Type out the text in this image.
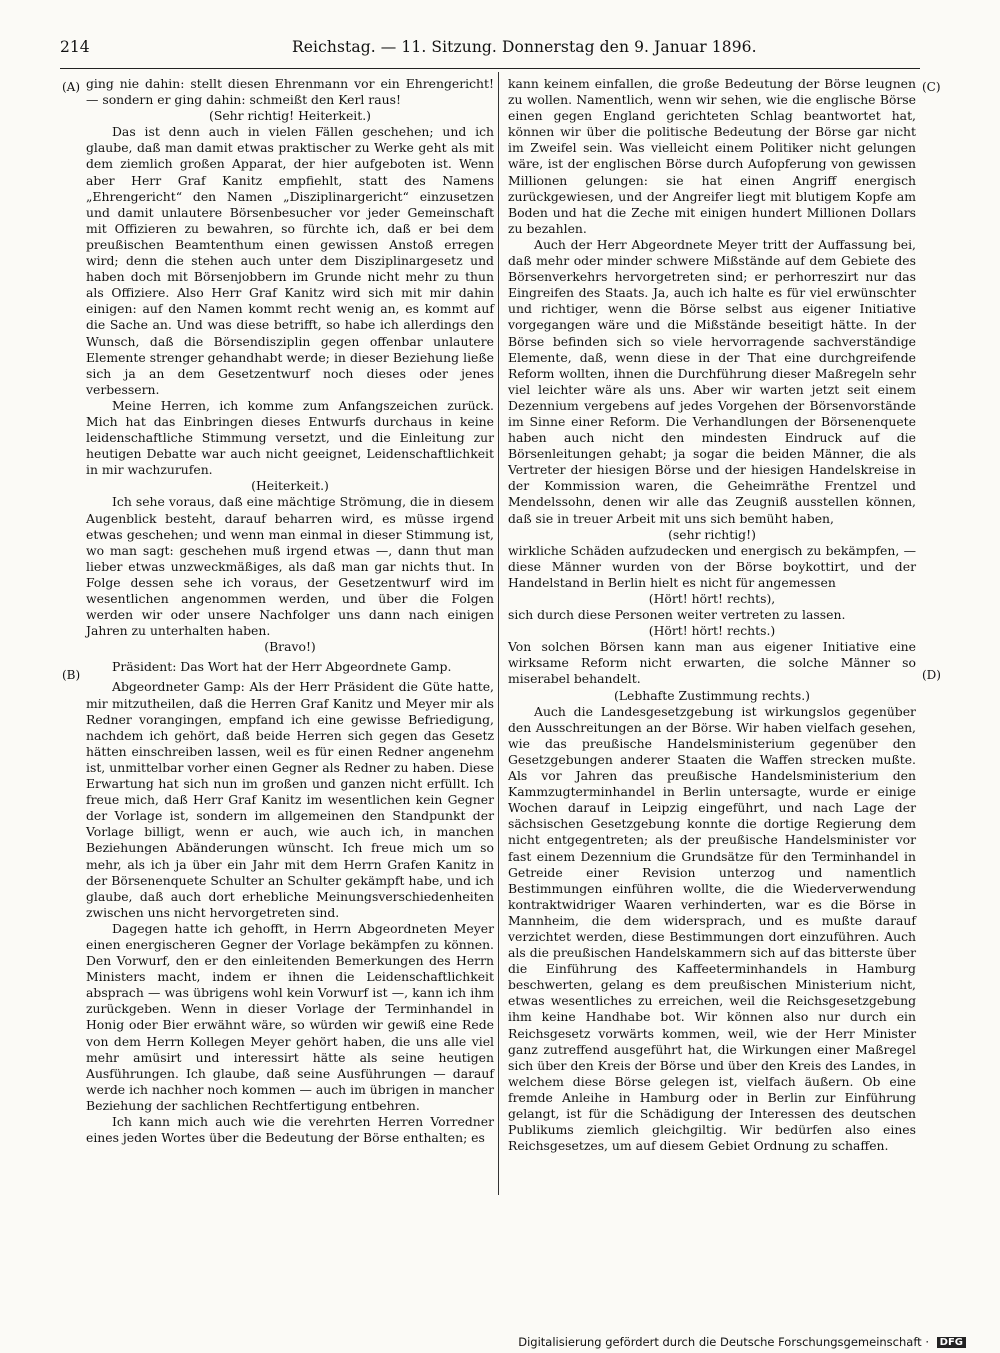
214	Reichstag. — 11. Sitzung. Donnerstag den 9. Januar 1896.
(A)
(B)
(C)
(D)

ging nie dahin: stellt diesen Ehrenmann vor ein Ehrengericht! — sondern er ging dahin: schmeißt den Kerl raus!

(Sehr richtig! Heiterkeit.)

Das ist denn auch in vielen Fällen geschehen; und ich glaube, daß man damit etwas praktischer zu Werke geht als mit dem ziemlich großen Apparat, der hier aufgeboten ist. Wenn aber Herr Graf Kanitz empfiehlt, statt des Namens „Ehrengericht“ den Namen „Disziplinargericht“ einzusetzen und damit unlautere Börsenbesucher vor jeder Gemeinschaft mit Offizieren zu bewahren, so fürchte ich, daß er bei dem preußischen Beamtenthum einen gewissen Anstoß erregen wird; denn die stehen auch unter dem Disziplinargesetz und haben doch mit Börsenjobbern im Grunde nicht mehr zu thun als Offiziere. Also Herr Graf Kanitz wird sich mit mir dahin einigen: auf den Namen kommt recht wenig an, es kommt auf die Sache an. Und was diese betrifft, so habe ich allerdings den Wunsch, daß die Börsendisziplin gegen offenbar unlautere Elemente strenger gehandhabt werde; in dieser Beziehung ließe sich ja an dem Gesetzentwurf noch dieses oder jenes verbessern.

Meine Herren, ich komme zum Anfangszeichen zurück. Mich hat das Einbringen dieses Entwurfs durchaus in keine leidenschaftliche Stimmung versetzt, und die Einleitung zur heutigen Debatte war auch nicht geeignet, Leidenschaftlichkeit in mir wachzurufen.

(Heiterkeit.)

Ich sehe voraus, daß eine mächtige Strömung, die in diesem Augenblick besteht, darauf beharren wird, es müsse irgend etwas geschehen; und wenn man einmal in dieser Stimmung ist, wo man sagt: geschehen muß irgend etwas —, dann thut man lieber etwas unzweckmäßiges, als daß man gar nichts thut. In Folge dessen sehe ich voraus, der Gesetzentwurf wird im wesentlichen angenommen werden, und über die Folgen werden wir oder unsere Nachfolger uns dann nach einigen Jahren zu unterhalten haben.

(Bravo!)

Präsident: Das Wort hat der Herr Abgeordnete Gamp.

Abgeordneter Gamp: Als der Herr Präsident die Güte hatte, mir mitzutheilen, daß die Herren Graf Kanitz und Meyer mir als Redner vorangingen, empfand ich eine gewisse Befriedigung, nachdem ich gehört, daß beide Herren sich gegen das Gesetz hätten einschreiben lassen, weil es für einen Redner angenehm ist, unmittelbar vorher einen Gegner als Redner zu haben. Diese Erwartung hat sich nun im großen und ganzen nicht erfüllt. Ich freue mich, daß Herr Graf Kanitz im wesentlichen kein Gegner der Vorlage ist, sondern im allgemeinen den Standpunkt der Vorlage billigt, wenn er auch, wie auch ich, in manchen Beziehungen Abänderungen wünscht. Ich freue mich um so mehr, als ich ja über ein Jahr mit dem Herrn Grafen Kanitz in der Börsenenquete Schulter an Schulter gekämpft habe, und ich glaube, daß auch dort erhebliche Meinungsverschiedenheiten zwischen uns nicht hervorgetreten sind.

Dagegen hatte ich gehofft, in Herrn Abgeordneten Meyer einen energischeren Gegner der Vorlage bekämpfen zu können. Den Vorwurf, den er den einleitenden Bemerkungen des Herrn Ministers macht, indem er ihnen die Leidenschaftlichkeit absprach — was übrigens wohl kein Vorwurf ist —, kann ich ihm zurückgeben. Wenn in dieser Vorlage der Terminhandel in Honig oder Bier erwähnt wäre, so würden wir gewiß eine Rede von dem Herrn Kollegen Meyer gehört haben, die uns alle viel mehr amüsirt und interessirt hätte als seine heutigen Ausführungen. Ich glaube, daß seine Ausführungen — darauf werde ich nachher noch kommen — auch im übrigen in mancher Beziehung der sachlichen Rechtfertigung entbehren.

Ich kann mich auch wie die verehrten Herren Vorredner eines jeden Wortes über die Bedeutung der Börse enthalten; es

kann keinem einfallen, die große Bedeutung der Börse leugnen zu wollen. Namentlich, wenn wir sehen, wie die englische Börse einen gegen England gerichteten Schlag beantwortet hat, können wir über die politische Bedeutung der Börse gar nicht im Zweifel sein. Was vielleicht einem Politiker nicht gelungen wäre, ist der englischen Börse durch Aufopferung von gewissen Millionen gelungen: sie hat einen Angriff energisch zurückgewiesen, und der Angreifer liegt mit blutigem Kopfe am Boden und hat die Zeche mit einigen hundert Millionen Dollars zu bezahlen.

Auch der Herr Abgeordnete Meyer tritt der Auffassung bei, daß mehr oder minder schwere Mißstände auf dem Gebiete des Börsenverkehrs hervorgetreten sind; er perhorreszirt nur das Eingreifen des Staats. Ja, auch ich halte es für viel erwünschter und richtiger, wenn die Börse selbst aus eigener Initiative vorgegangen wäre und die Mißstände beseitigt hätte. In der Börse befinden sich so viele hervorragende sachverständige Elemente, daß, wenn diese in der That eine durchgreifende Reform wollten, ihnen die Durchführung dieser Maßregeln sehr viel leichter wäre als uns. Aber wir warten jetzt seit einem Dezennium vergebens auf jedes Vorgehen der Börsenvorstände im Sinne einer Reform. Die Verhandlungen der Börsenenquete haben auch nicht den mindesten Eindruck auf die Börsenleitungen gehabt; ja sogar die beiden Männer, die als Vertreter der hiesigen Börse und der hiesigen Handelskreise in der Kommission waren, die Geheimräthe Frentzel und Mendelssohn, denen wir alle das Zeugniß ausstellen können, daß sie in treuer Arbeit mit uns sich bemüht haben,

(sehr richtig!)

wirkliche Schäden aufzudecken und energisch zu bekämpfen, — diese Männer wurden von der Börse boykottirt, und der Handelstand in Berlin hielt es nicht für angemessen

(Hört! hört! rechts),

sich durch diese Personen weiter vertreten zu lassen.

(Hört! hört! rechts.)

Von solchen Börsen kann man aus eigener Initiative eine wirksame Reform nicht erwarten, die solche Männer so miserabel behandelt.

(Lebhafte Zustimmung rechts.)

Auch die Landesgesetzgebung ist wirkungslos gegenüber den Ausschreitungen an der Börse. Wir haben vielfach gesehen, wie das preußische Handelsministerium gegenüber den Gesetzgebungen anderer Staaten die Waffen strecken mußte. Als vor Jahren das preußische Handelsministerium den Kammzugterminhandel in Berlin untersagte, wurde er einige Wochen darauf in Leipzig eingeführt, und nach Lage der sächsischen Gesetzgebung konnte die dortige Regierung dem nicht entgegentreten; als der preußische Handelsminister vor fast einem Dezennium die Grundsätze für den Terminhandel in Getreide einer Revision unterzog und namentlich Bestimmungen einführen wollte, die die Wiederverwendung kontraktwidriger Waaren verhinderten, war es die Börse in Mannheim, die dem widersprach, und es mußte darauf verzichtet werden, diese Bestimmungen dort einzuführen. Auch als die preußischen Handelskammern sich auf das bitterste über die Einführung des Kaffeeterminhandels in Hamburg beschwerten, gelang es dem preußischen Ministerium nicht, etwas wesentliches zu erreichen, weil die Reichsgesetzgebung ihm keine Handhabe bot. Wir können also nur durch ein Reichsgesetz vorwärts kommen, weil, wie der Herr Minister ganz zutreffend ausgeführt hat, die Wirkungen einer Maßregel sich über den Kreis der Börse und über den Kreis des Landes, in welchem diese Börse gelegen ist, vielfach äußern. Ob eine fremde Anleihe in Hamburg oder in Berlin zur Einführung gelangt, ist für die Schädigung der Interessen des deutschen Publikums ziemlich gleichgiltig. Wir bedürfen also eines Reichsgesetzes, um auf diesem Gebiet Ordnung zu schaffen.

Digitalisierung gefördert durch die Deutsche Forschungsgemeinschaft · DFG
